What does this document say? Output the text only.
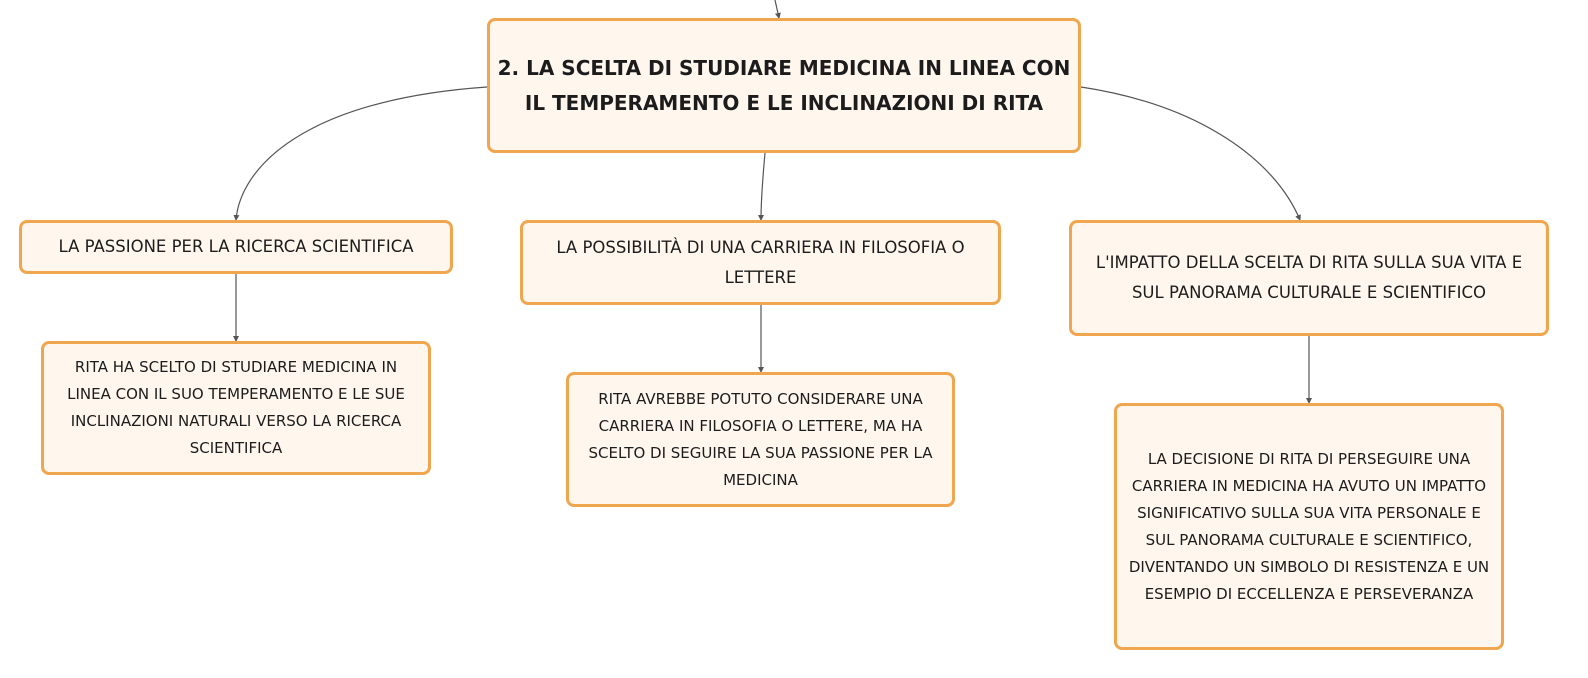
2. LA SCELTA DI STUDIARE MEDICINA IN LINEA CON IL TEMPERAMENTO E LE INCLINAZIONI DI RITA
LA PASSIONE PER LA RICERCA SCIENTIFICA	LA POSSIBILITÀ DI UNA CARRIERA IN FILOSOFIA O LETTERE
L'IMPATTO DELLA SCELTA DI RITA SULLA SUA VITA E SUL PANORAMA CULTURALE E SCIENTIFICO
RITA HA SCELTO DI STUDIARE MEDICINA IN LINEA CON IL SUO TEMPERAMENTO E LE SUE INCLINAZIONI NATURALI VERSO LA RICERCA SCIENTIFICA
RITA AVREBBE POTUTO CONSIDERARE UNA CARRIERA IN FILOSOFIA O LETTERE, MA HA SCELTO DI SEGUIRE LA SUA PASSIONE PER LA MEDICINA
LA DECISIONE DI RITA DI PERSEGUIRE UNA CARRIERA IN MEDICINA HA AVUTO UN IMPATTO SIGNIFICATIVO SULLA SUA VITA PERSONALE E SUL PANORAMA CULTURALE E SCIENTIFICO, DIVENTANDO UN SIMBOLO DI RESISTENZA E UN ESEMPIO DI ECCELLENZA E PERSEVERANZA
